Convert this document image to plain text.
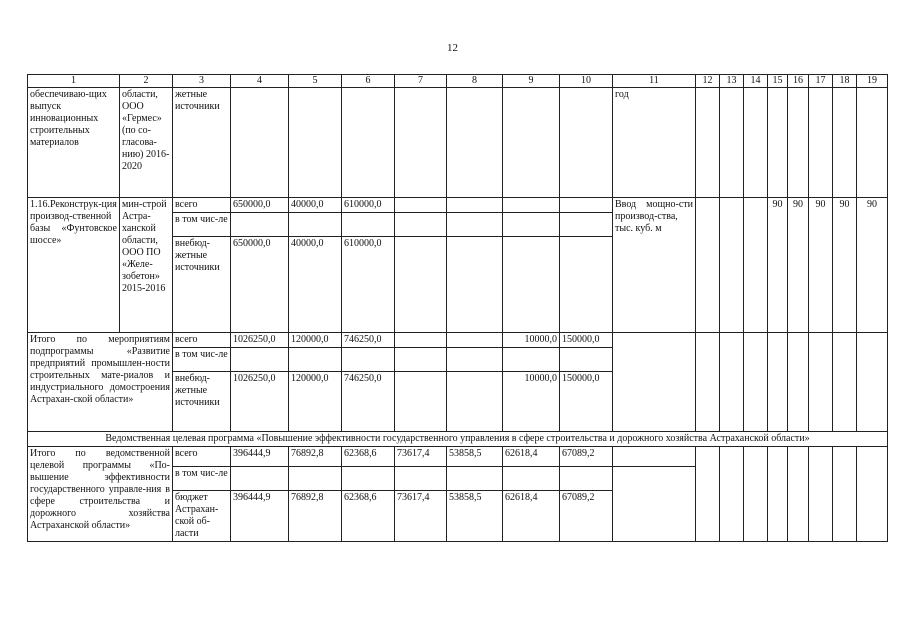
12
1	2	3	4	5	6	7	8	9	10	11	12	13	14	15	16	17	18	19
обеспечиваю-щих выпуск инновационных строительных материалов	области, ООО «Гермес» (по со-гласова-нию) 2016-2020	жетные источники								год								
1.16.Реконструк-ция производ-ственной базы «Фунтовское шоссе»	мин-строй Астра-ханской области, ООО ПО «Желе-зобетон» 2015-2016	всего	650000,0	40000,0	610000,0					Ввод мощно-сти производ-ства, тыс. куб. м				90	90	90	90	90
		в том чис-ле																
		внебюд-жетные источники	650000,0	40000,0	610000,0													
Итого по мероприятиям подпрограммы «Развитие предприятий промышлен-ности строительных мате-риалов и индустриального домостроения Астрахан-ской области»		всего	1026250,0	120000,0	746250,0			10000,0	150000,0									
		в том чис-ле																
		внебюд-жетные источники	1026250,0	120000,0	746250,0			10000,0	150000,0									
Ведомственная целевая программа «Повышение эффективности государственного управления в сфере строительства и дорожного хозяйства Астраханской области»																		
Итого по ведомственной целевой программы «По-вышение эффективности государственного управле-ния в сфере строительства и дорожного хозяйства Астраханской области»		всего	396444,9	76892,8	62368,6	73617,4	53858,5	62618,4	67089,2									
		в том чис-ле																
		бюджет Астрахан-ской об-ласти	396444,9	76892,8	62368,6	73617,4	53858,5	62618,4	67089,2									
